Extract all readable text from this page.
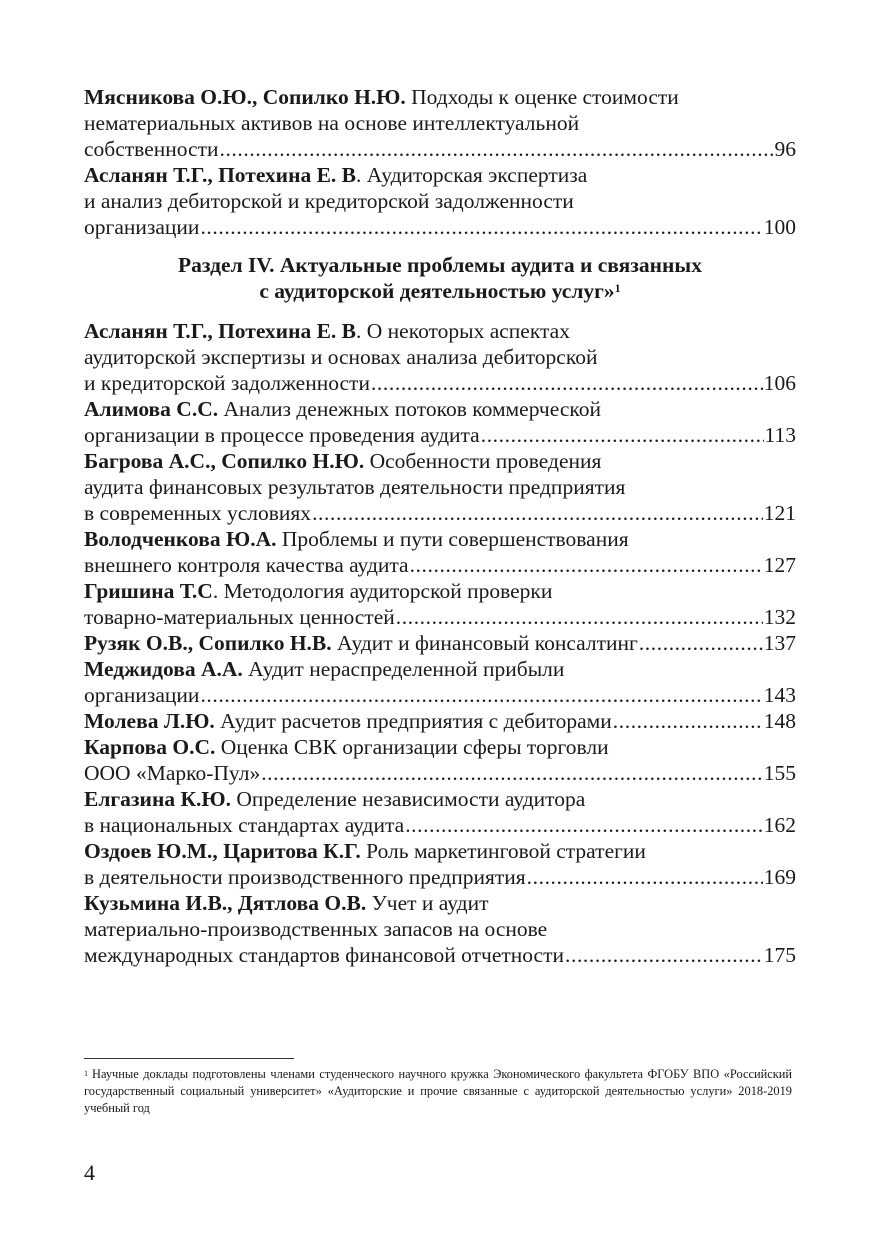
Мясникова О.Ю., Сопилко Н.Ю. Подходы к оценке стоимости
нематериальных активов на основе интеллектуальной
собственности .....	96
Асланян Т.Г., Потехина Е. В. Аудиторская экспертиза
и анализ дебиторской и кредиторской задолженности
организации .....	100
Раздел IV. Актуальные проблемы аудита и связанных
с аудиторской деятельностью услуг»$^1$
Асланян Т.Г., Потехина Е. В. О некоторых аспектах
аудиторской экспертизы и основах анализа дебиторской
и кредиторской задолженности .....	106
Алимова С.С. Анализ денежных потоков коммерческой
организации в процессе проведения аудита .....	113
Багрова А.С., Сопилко Н.Ю. Особенности проведения
аудита финансовых результатов деятельности предприятия
в современных условиях .....	121
Володченкова Ю.А. Проблемы и пути совершенствования
внешнего контроля качества аудита .....	127
Гришина Т.С. Методология аудиторской проверки
товарно-материальных ценностей .....	132
Рузяк О.В., Сопилко Н.В. Аудит и финансовый консалтинг .....	137
Меджидова А.А. Аудит нераспределенной прибыли
организации .....	143
Молева Л.Ю. Аудит расчетов предприятия с дебиторами .....	148
Карпова О.С. Оценка СВК организации сферы торговли
ООО «Марко-Пул» .....	155
Елгазина К.Ю. Определение независимости аудитора
в национальных стандартах аудита .....	162
Оздоев Ю.М., Царитова К.Г. Роль маркетинговой стратегии
в деятельности производственного предприятия .....	169
Кузьмина И.В., Дятлова О.В. Учет и аудит
материально-производственных запасов на основе
международных стандартов финансовой отчетности .....	175
$^1$ Научные доклады подготовлены членами студенческого научного кружка Экономического факультета ФГОБУ ВПО «Российский государственный социальный университет» «Аудиторские и прочие связанные с аудиторской деятельностью услуги» 2018-2019 учебный год
4
